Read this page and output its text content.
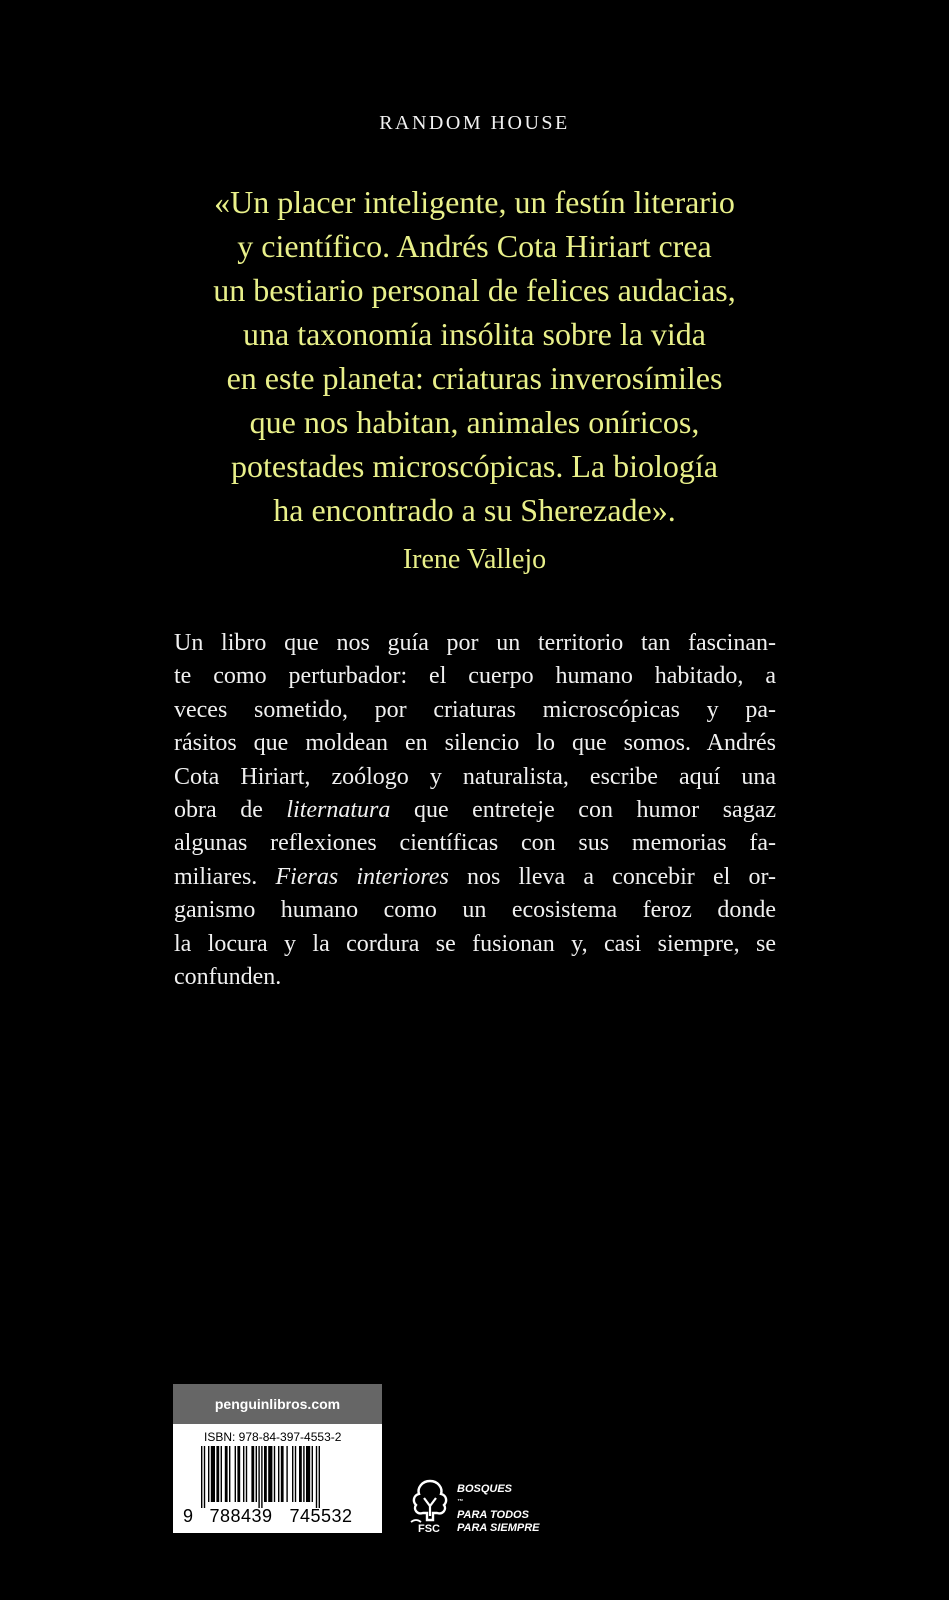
RANDOM HOUSE

«Un placer inteligente, un festín literario
y científico. Andrés Cota Hiriart crea
un bestiario personal de felices audacias,
una taxonomía insólita sobre la vida
en este planeta: criaturas inverosímiles
que nos habitan, animales oníricos,
potestades microscópicas. La biología
ha encontrado a su Sherezade».

Irene Vallejo
Un libro que nos guía por un territorio tan fascinan-
te como perturbador: el cuerpo humano habitado, a
veces sometido, por criaturas microscópicas y pa-
rásitos que moldean en silencio lo que somos. Andrés
Cota Hiriart, zoólogo y naturalista, escribe aquí una
obra de liternatura que entreteje con humor sagaz
algunas reflexiones científicas con sus memorias fa-
miliares. Fieras interiores nos lleva a concebir el or-
ganismo humano como un ecosistema feroz donde
la locura y la cordura se fusionan y, casi siempre, se
confunden.
penguinlibros.com
ISBN: 978-84-397-4553-2
9 788439 745532
FSC
BOSQUES
™
PARA TODOS
PARA SIEMPRE
